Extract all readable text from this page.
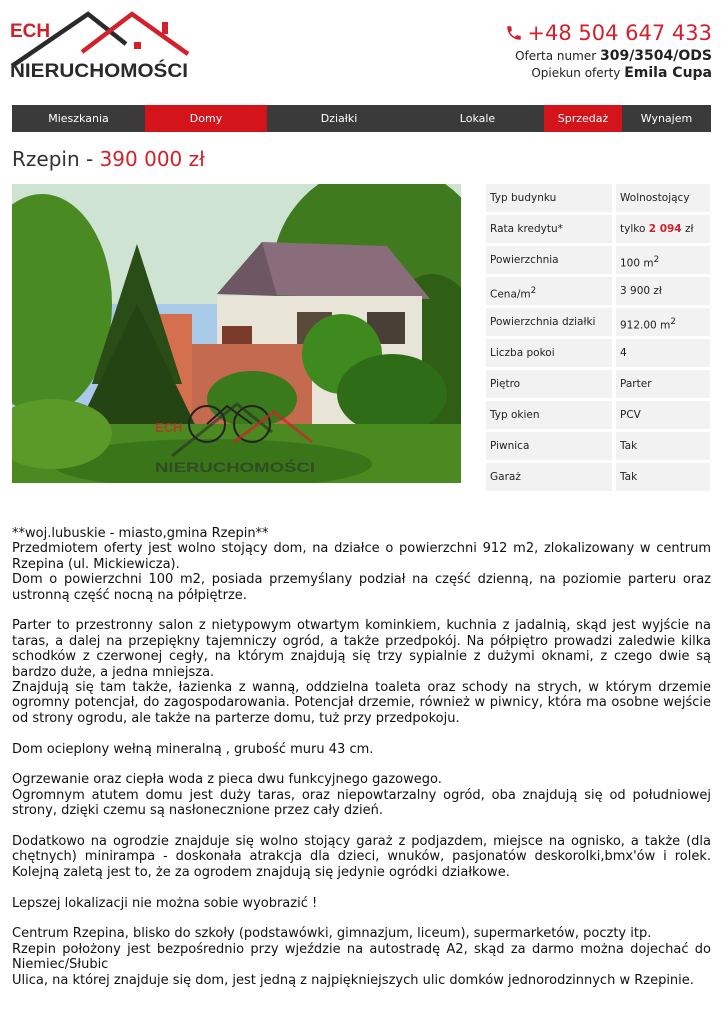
ECH
NIERUCHOMOŚCI
+48 504 647 433
Oferta numer 309/3504/ODS
Opiekun oferty Emila Cupa
Mieszkania	Domy	Działki	Lokale	Sprzedaż	Wynajem
Rzepin - 390 000 zł
ECH
NIERUCHOMOŚCI
Typ budynku	Wolnostojący
Rata kredytu*	tylko 2 094 zł
Powierzchnia	100 $m^2$
Cena/$m^2$	3 900 zł
Powierzchnia działki	912.00 $m^2$
Liczba pokoi	4
Piętro	Parter
Typ okien	PCV
Piwnica	Tak
Garaż	Tak

**woj.lubuskie - miasto,gmina Rzepin**

Przedmiotem oferty jest wolno stojący dom, na działce o powierzchni 912 m2, zlokalizowany w centrum Rzepina (ul. Mickiewicza).

Dom o powierzchni 100 m2, posiada przemyślany podział na część dzienną, na poziomie parteru oraz ustronną część nocną na półpiętrze.

Parter to przestronny salon z nietypowym otwartym kominkiem, kuchnia z jadalnią, skąd jest wyjście na taras, a dalej na przepiękny tajemniczy ogród, a także przedpokój. Na półpiętro prowadzi zaledwie kilka schodków z czerwonej cegły, na którym znajdują się trzy sypialnie z dużymi oknami, z czego dwie są bardzo duże, a jedna mniejsza.

Znajdują się tam także, łazienka z wanną, oddzielna toaleta oraz schody na strych, w którym drzemie ogromny potencjał, do zagospodarowania. Potencjał drzemie, również w piwnicy, która ma osobne wejście od strony ogrodu, ale także na parterze domu, tuż przy przedpokoju.

Dom ocieplony wełną mineralną , grubość muru 43 cm.

Ogrzewanie oraz ciepła woda z pieca dwu funkcyjnego gazowego.

Ogromnym atutem domu jest duży taras, oraz niepowtarzalny ogród, oba znajdują się od południowej strony, dzięki czemu są nasłonecznione przez cały dzień.

Dodatkowo na ogrodzie znajduje się wolno stojący garaż z podjazdem, miejsce na ognisko, a także (dla chętnych) minirampa - doskonała atrakcja dla dzieci, wnuków, pasjonatów deskorolki,bmx'ów i rolek. Kolejną zaletą jest to, że za ogrodem znajdują się jedynie ogródki działkowe.

Lepszej lokalizacji nie można sobie wyobrazić !

Centrum Rzepina, blisko do szkoły (podstawówki, gimnazjum, liceum), supermarketów, poczty itp.

Rzepin położony jest bezpośrednio przy wjeździe na autostradę A2, skąd za darmo można dojechać do Niemiec/Słubic

Ulica, na której znajduje się dom, jest jedną z najpiękniejszych ulic domków jednorodzinnych w Rzepinie.
